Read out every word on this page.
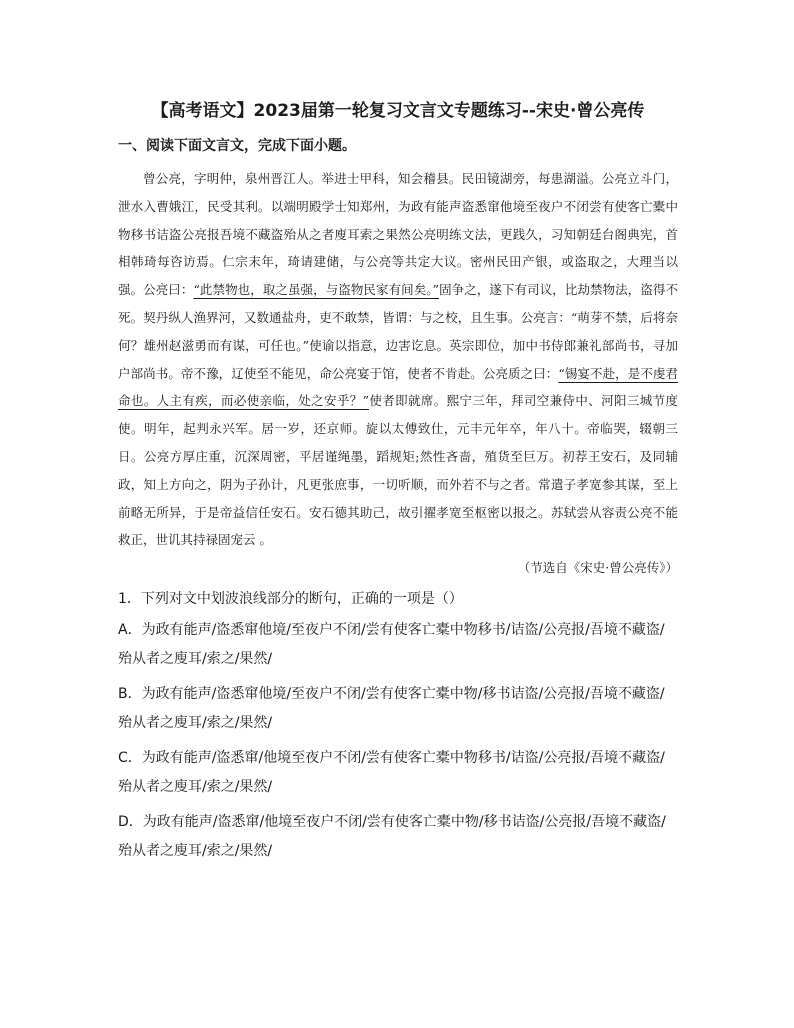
【高考语文】2023届第一轮复习文言文专题练习--宋史·曾公亮传
一、阅读下面文言文，完成下面小题。

曾公亮，字明仲，泉州晋江人。举进士甲科，知会稽县。民田镜湖旁，每患湖溢。公亮立斗门，泄水入曹娥江，民受其利。以端明殿学士知郑州，为政有能声盗悉窜他境至夜户不闭尝有使客亡橐中物移书诘盗公亮报吾境不藏盗殆从之者廋耳索之果然公亮明练文法，更践久，习知朝廷台阁典宪，首相韩琦每咨访焉。仁宗末年，琦请建储，与公亮等共定大议。密州民田产银，或盗取之，大理当以强。公亮曰：“此禁物也，取之虽强，与盗物民家有间矣。”固争之，遂下有司议，比劫禁物法，盗得不死。契丹纵人渔界河，又数通盐舟，吏不敢禁，皆谓：与之校，且生事。公亮言：“萌芽不禁，后将奈何？雄州赵滋勇而有谋，可任也。”使谕以指意，边害讫息。英宗即位，加中书侍郎兼礼部尚书，寻加户部尚书。帝不豫，辽使至不能见，命公亮宴于馆，使者不肯赴。公亮质之曰：“锡宴不赴，是不虔君命也。人主有疾，而必使亲临，处之安乎？”使者即就席。熙宁三年，拜司空兼侍中、河阳三城节度使。明年，起判永兴军。居一岁，还京师。旋以太傅致仕，元丰元年卒，年八十。帝临哭，辍朝三日。公亮方厚庄重，沉深周密，平居谨绳墨，蹈规矩;然性吝啬，殖货至巨万。初荐王安石，及同辅政，知上方向之，阴为子孙计，凡更张庶事，一切听顺，而外若不与之者。常遣子孝宽参其谋，至上前略无所异，于是帝益信任安石。安石德其助己，故引擢孝宽至枢密以报之。苏轼尝从容责公亮不能救正，世讥其持禄固宠云 。

（节选自《宋史·曾公亮传》）
1．下列对文中划波浪线部分的断句，正确的一项是（）
A．为政有能声/盗悉窜他境/至夜户不闭/尝有使客亡橐中物移书/诘盗/公亮报/吾境不藏盗/殆从者之廋耳/索之/果然/
B．为政有能声/盗悉窜他境/至夜户不闭/尝有使客亡橐中物/移书诘盗/公亮报/吾境不藏盗/殆从者之廋耳/索之/果然/
C．为政有能声/盗悉窜/他境至夜户不闭/尝有使客亡橐中物移书/诘盗/公亮报/吾境不藏盗/殆从者之廋耳/索之/果然/
D．为政有能声/盗悉窜/他境至夜户不闭/尝有使客亡橐中物/移书诘盗/公亮报/吾境不藏盗/殆从者之廋耳/索之/果然/
